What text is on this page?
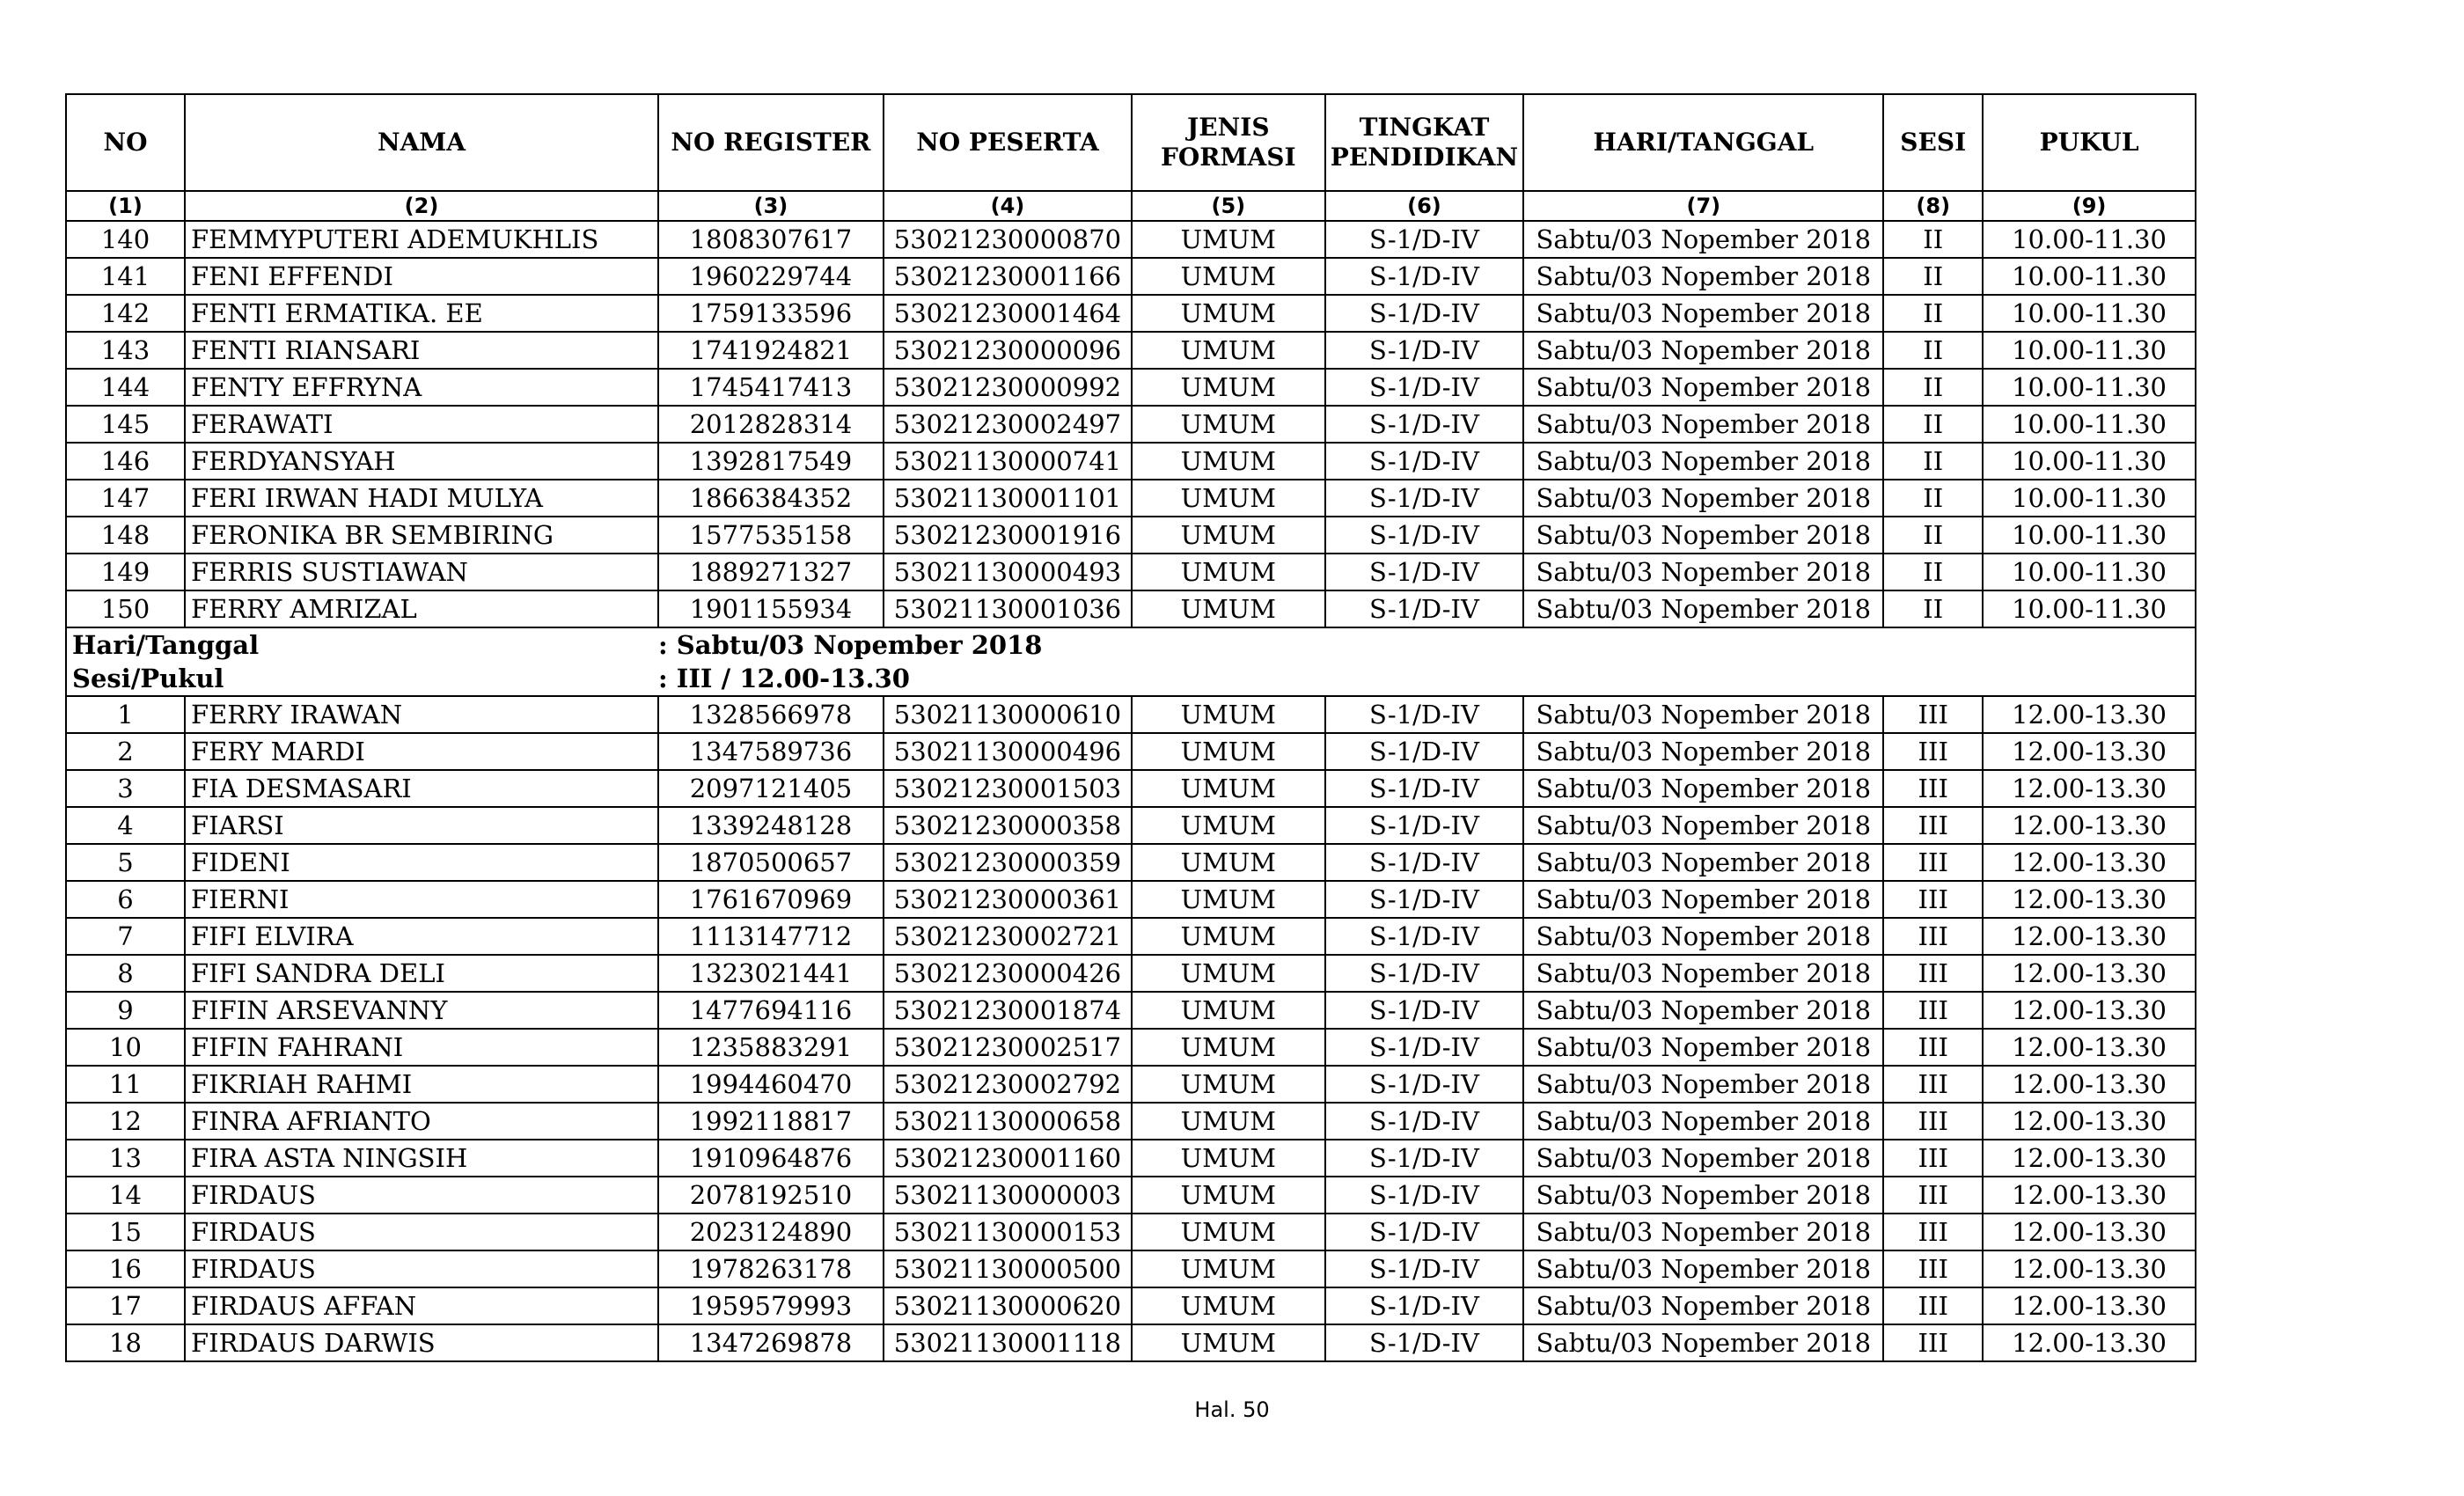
NO	NAMA	NO REGISTER	NO PESERTA	JENIS FORMASI	TINGKAT PENDIDIKAN	HARI/TANGGAL	SESI	PUKUL
(1)	(2)	(3)	(4)	(5)	(6)	(7)	(8)	(9)
140	FEMMYPUTERI ADEMUKHLIS	1808307617	53021230000870	UMUM	S-1/D-IV	Sabtu/03 Nopember 2018	II	10.00-11.30
141	FENI EFFENDI	1960229744	53021230001166	UMUM	S-1/D-IV	Sabtu/03 Nopember 2018	II	10.00-11.30
142	FENTI ERMATIKA. EE	1759133596	53021230001464	UMUM	S-1/D-IV	Sabtu/03 Nopember 2018	II	10.00-11.30
143	FENTI RIANSARI	1741924821	53021230000096	UMUM	S-1/D-IV	Sabtu/03 Nopember 2018	II	10.00-11.30
144	FENTY EFFRYNA	1745417413	53021230000992	UMUM	S-1/D-IV	Sabtu/03 Nopember 2018	II	10.00-11.30
145	FERAWATI	2012828314	53021230002497	UMUM	S-1/D-IV	Sabtu/03 Nopember 2018	II	10.00-11.30
146	FERDYANSYAH	1392817549	53021130000741	UMUM	S-1/D-IV	Sabtu/03 Nopember 2018	II	10.00-11.30
147	FERI IRWAN HADI MULYA	1866384352	53021130001101	UMUM	S-1/D-IV	Sabtu/03 Nopember 2018	II	10.00-11.30
148	FERONIKA BR SEMBIRING	1577535158	53021230001916	UMUM	S-1/D-IV	Sabtu/03 Nopember 2018	II	10.00-11.30
149	FERRIS SUSTIAWAN	1889271327	53021130000493	UMUM	S-1/D-IV	Sabtu/03 Nopember 2018	II	10.00-11.30
150	FERRY AMRIZAL	1901155934	53021130001036	UMUM	S-1/D-IV	Sabtu/03 Nopember 2018	II	10.00-11.30
Hari/Tanggal		: Sabtu/03 Nopember 2018						
Sesi/Pukul		: III / 12.00-13.30						
1	FERRY IRAWAN	1328566978	53021130000610	UMUM	S-1/D-IV	Sabtu/03 Nopember 2018	III	12.00-13.30
2	FERY MARDI	1347589736	53021130000496	UMUM	S-1/D-IV	Sabtu/03 Nopember 2018	III	12.00-13.30
3	FIA DESMASARI	2097121405	53021230001503	UMUM	S-1/D-IV	Sabtu/03 Nopember 2018	III	12.00-13.30
4	FIARSI	1339248128	53021230000358	UMUM	S-1/D-IV	Sabtu/03 Nopember 2018	III	12.00-13.30
5	FIDENI	1870500657	53021230000359	UMUM	S-1/D-IV	Sabtu/03 Nopember 2018	III	12.00-13.30
6	FIERNI	1761670969	53021230000361	UMUM	S-1/D-IV	Sabtu/03 Nopember 2018	III	12.00-13.30
7	FIFI ELVIRA	1113147712	53021230002721	UMUM	S-1/D-IV	Sabtu/03 Nopember 2018	III	12.00-13.30
8	FIFI SANDRA DELI	1323021441	53021230000426	UMUM	S-1/D-IV	Sabtu/03 Nopember 2018	III	12.00-13.30
9	FIFIN ARSEVANNY	1477694116	53021230001874	UMUM	S-1/D-IV	Sabtu/03 Nopember 2018	III	12.00-13.30
10	FIFIN FAHRANI	1235883291	53021230002517	UMUM	S-1/D-IV	Sabtu/03 Nopember 2018	III	12.00-13.30
11	FIKRIAH RAHMI	1994460470	53021230002792	UMUM	S-1/D-IV	Sabtu/03 Nopember 2018	III	12.00-13.30
12	FINRA AFRIANTO	1992118817	53021130000658	UMUM	S-1/D-IV	Sabtu/03 Nopember 2018	III	12.00-13.30
13	FIRA ASTA NINGSIH	1910964876	53021230001160	UMUM	S-1/D-IV	Sabtu/03 Nopember 2018	III	12.00-13.30
14	FIRDAUS	2078192510	53021130000003	UMUM	S-1/D-IV	Sabtu/03 Nopember 2018	III	12.00-13.30
15	FIRDAUS	2023124890	53021130000153	UMUM	S-1/D-IV	Sabtu/03 Nopember 2018	III	12.00-13.30
16	FIRDAUS	1978263178	53021130000500	UMUM	S-1/D-IV	Sabtu/03 Nopember 2018	III	12.00-13.30
17	FIRDAUS AFFAN	1959579993	53021130000620	UMUM	S-1/D-IV	Sabtu/03 Nopember 2018	III	12.00-13.30
18	FIRDAUS DARWIS	1347269878	53021130001118	UMUM	S-1/D-IV	Sabtu/03 Nopember 2018	III	12.00-13.30
Hal. 50
